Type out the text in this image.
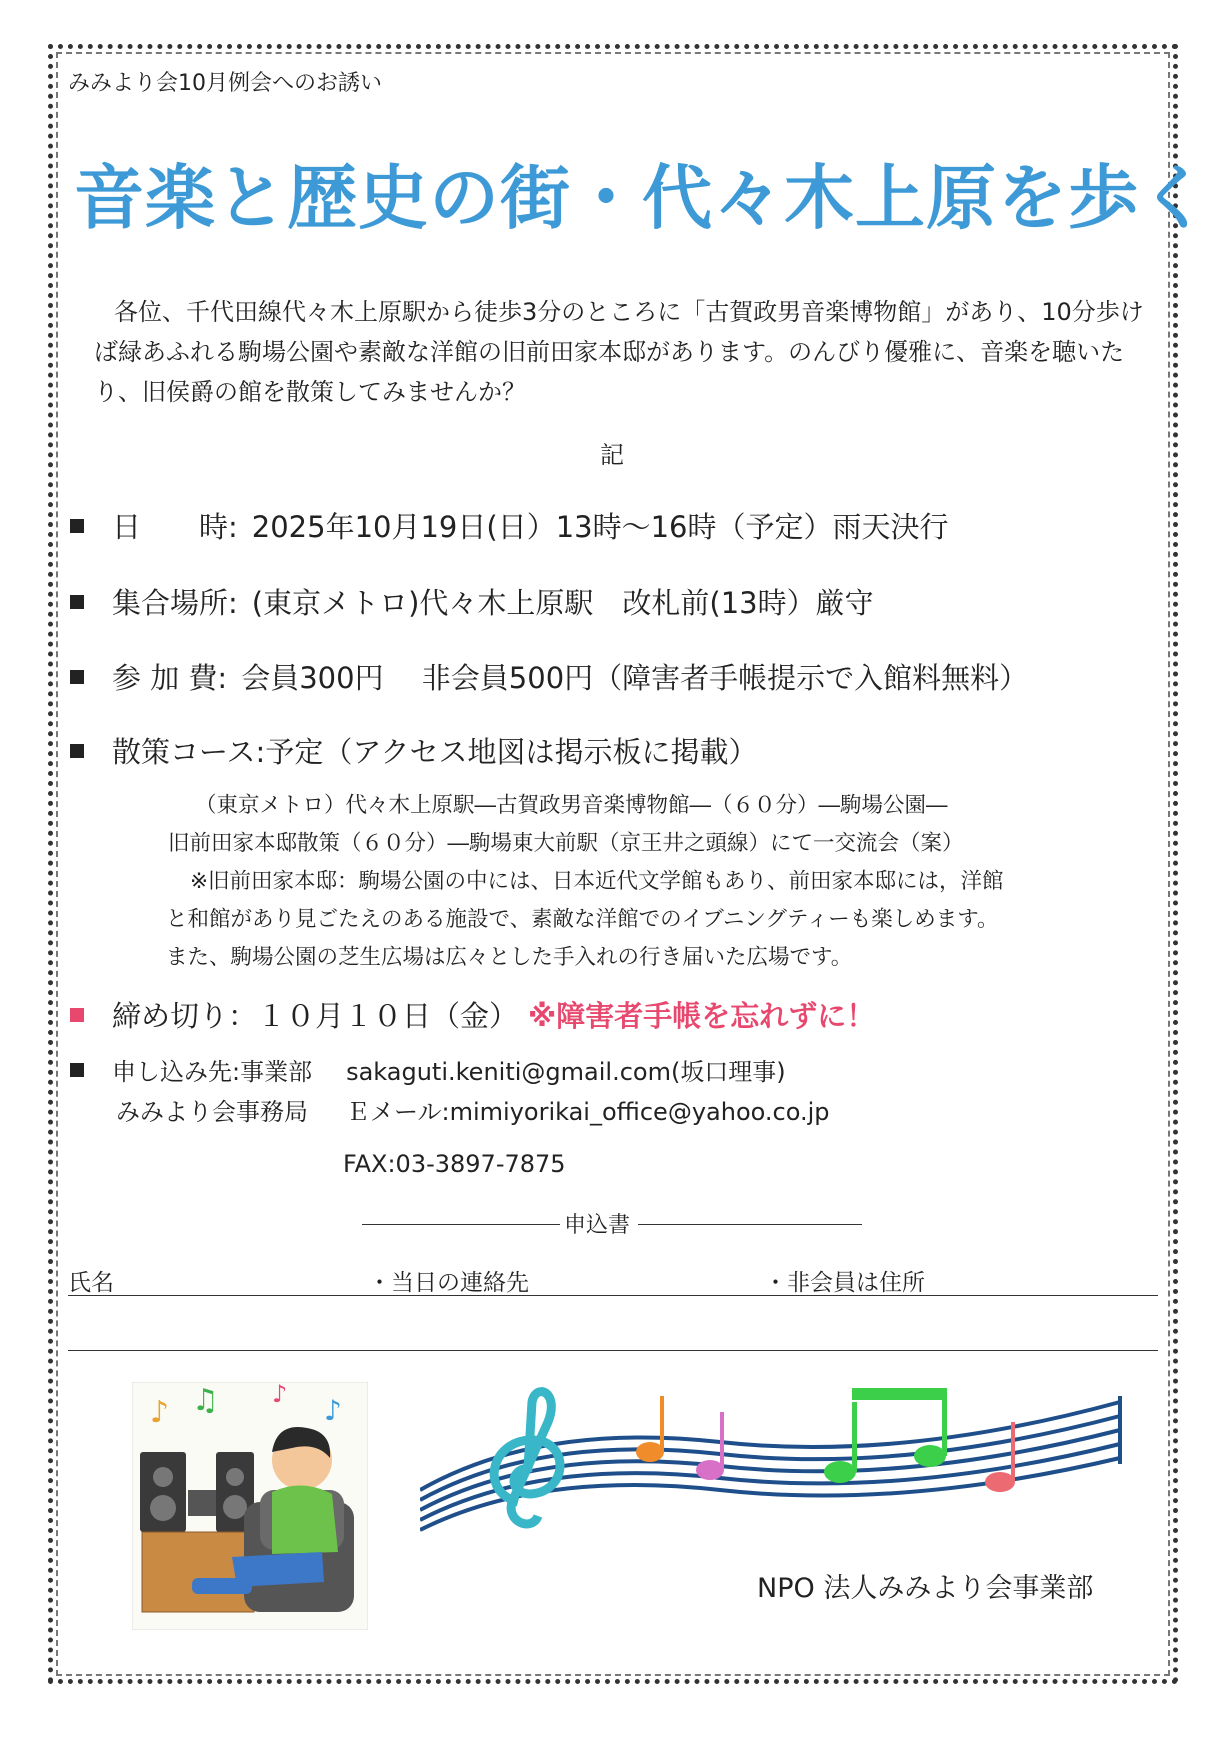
みみより会10月例会へのお誘い
音楽と歴史の街・代々木上原を歩く
各位、千代田線代々木上原駅から徒歩3分のところに「古賀政男音楽博物館」があり、10分歩けば緑あふれる駒場公園や素敵な洋館の旧前田家本邸があります。のんびり優雅に、音楽を聴いたり、旧侯爵の館を散策してみませんか？
記
日　　時: 2025年10月19日(日）13時～16時（予定）雨天決行
集合場所: (東京メトロ)代々木上原駅　改札前(13時）厳守
参 加 費: 会員300円　 非会員500円（障害者手帳提示で入館料無料）
散策コース:予定（アクセス地図は掲示板に掲載）
（東京メトロ）代々木上原駅―古賀政男音楽博物館―（６０分）―駒場公園―
旧前田家本邸散策（６０分）―駒場東大前駅（京王井之頭線）にて一交流会（案）
※旧前田家本邸：駒場公園の中には、日本近代文学館もあり、前田家本邸には，洋館
と和館があり見ごたえのある施設で、素敵な洋館でのイブニングティーも楽しめます。
また、駒場公園の芝生広場は広々とした手入れの行き届いた広場です。
締め切り：１０月１０日（金） ※障害者手帳を忘れずに！
申し込み先:事業部 sakaguti.keniti@gmail.com(坂口理事)
みみより会事務局 Ｅメール:mimiyorikai_office@yahoo.co.jp
FAX:03-3897-7875
申込書
氏名	・当日の連絡先	・非会員は住所
♪ ♫ ♪ ♪
NPO 法人みみより会事業部
